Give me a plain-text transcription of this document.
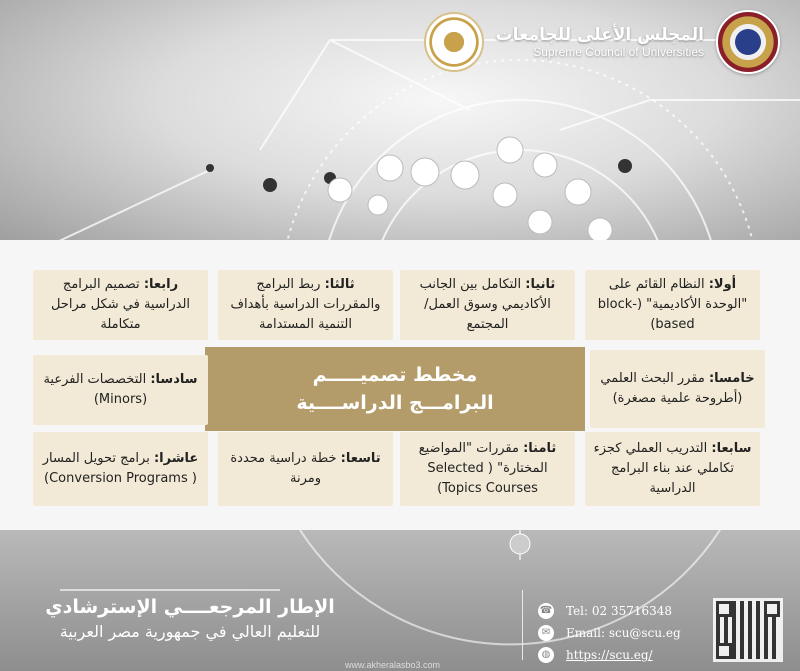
المجلس الأعلى للجامعات
Supreme Council of Universities
أولا: النظام القائم على "الوحدة الأكاديمية" (block-based)
ثانيا: التكامل بين الجانب الأكاديمي وسوق العمل/المجتمع
ثالثا: ربط البرامج والمقررات الدراسية بأهداف التنمية المستدامة
رابعا: تصميم البرامج الدراسية في شكل مراحل متكاملة
خامسا: مقرر البحث العلمي (أطروحة علمية مصغرة)
مخطط تصميـــــم
البرامـــج الدراســــية
سادسا: التخصصات الفرعية (Minors)
سابعا: التدريب العملي كجزء تكاملي عند بناء البرامج الدراسية
ثامنا: مقررات "المواضيع المختارة" ( Selected Topics Courses)
تاسعا: خطة دراسية محددة ومرنة
عاشرا: برامج تحويل المسار ( Conversion Programs)
الإطار المرجعــــي الإسترشادي
للتعليم العالي في جمهورية مصر العربية
☎ Tel: 02 35716348
✉	Email: scu@scu.eg
◍	https://scu.eg/
www.akheralasbo3.com
